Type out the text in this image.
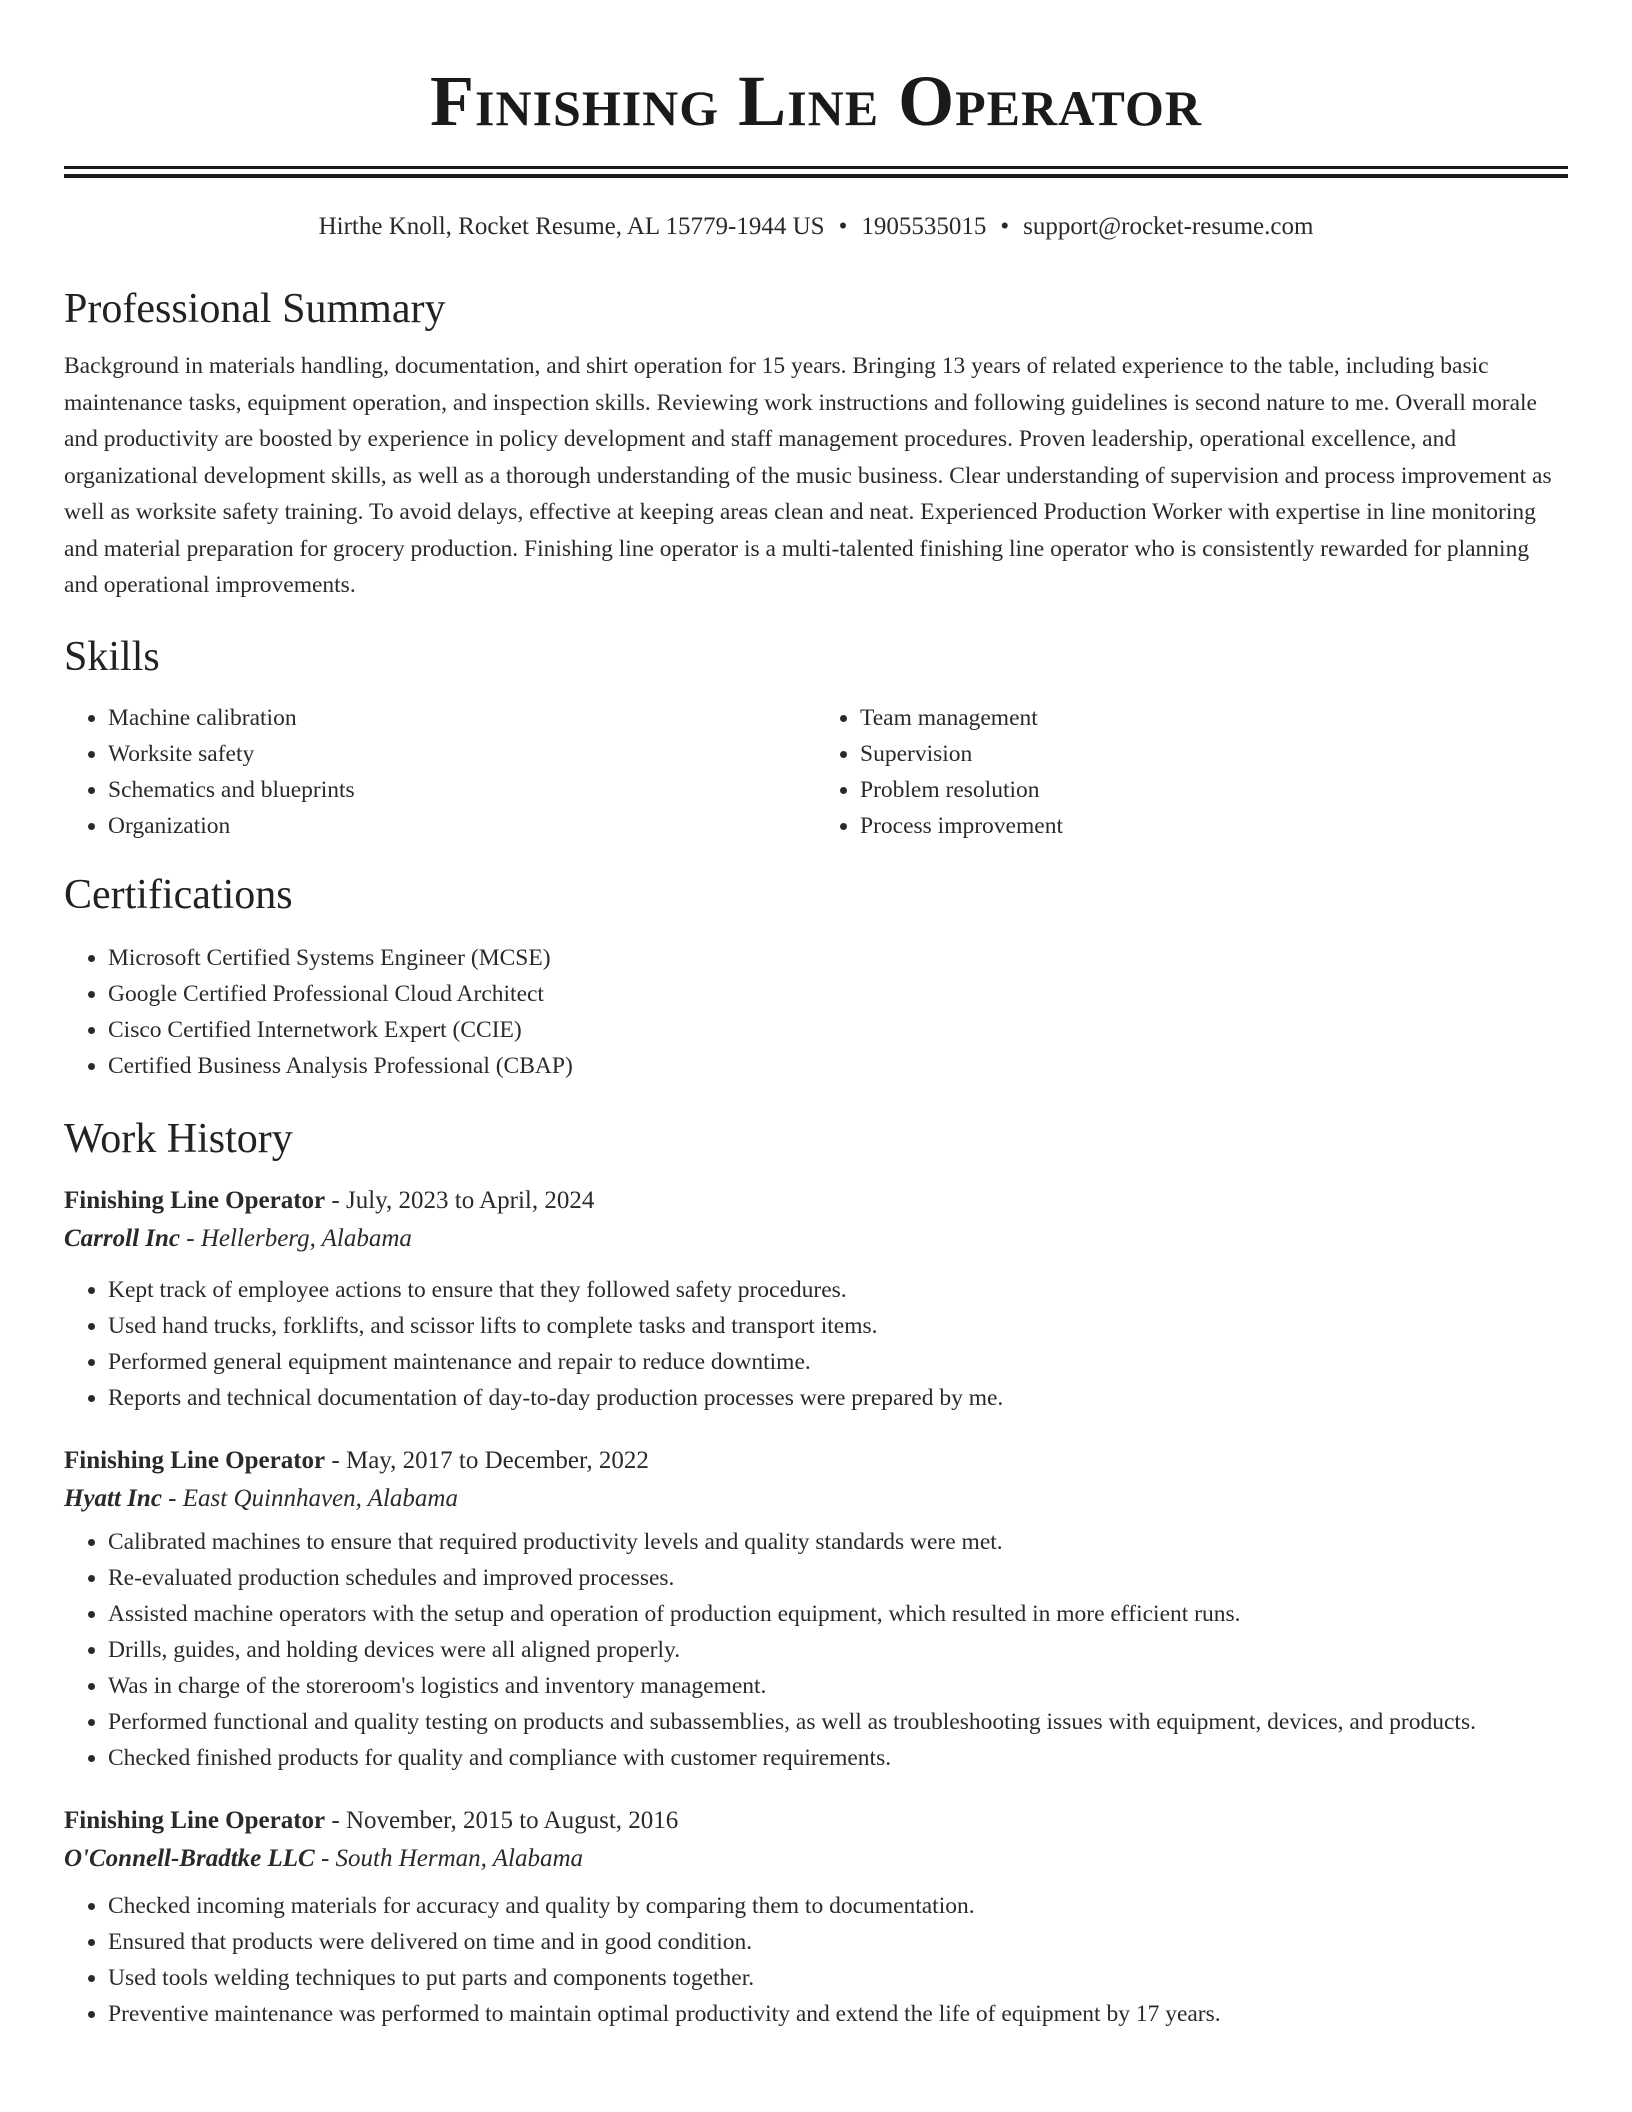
Finishing Line Operator
Hirthe Knoll, Rocket Resume, AL 15779-1944 US • 1905535015 • support@rocket-resume.com
Professional Summary

Background in materials handling, documentation, and shirt operation for 15 years. Bringing 13 years of related experience to the table, including basic maintenance tasks, equipment operation, and inspection skills. Reviewing work instructions and following guidelines is second nature to me. Overall morale and productivity are boosted by experience in policy development and staff management procedures. Proven leadership, operational excellence, and organizational development skills, as well as a thorough understanding of the music business. Clear understanding of supervision and process improvement as well as worksite safety training. To avoid delays, effective at keeping areas clean and neat. Experienced Production Worker with expertise in line monitoring and material preparation for grocery production. Finishing line operator is a multi-talented finishing line operator who is consistently rewarded for planning and operational improvements.

Skills
• Machine calibration
• Worksite safety
• Schematics and blueprints
• Organization
• Team management
• Supervision
• Problem resolution
• Process improvement
Certifications
• Microsoft Certified Systems Engineer (MCSE)
• Google Certified Professional Cloud Architect
• Cisco Certified Internetwork Expert (CCIE)
• Certified Business Analysis Professional (CBAP)
Work History
Finishing Line Operator - July, 2023 to April, 2024
Carroll Inc - Hellerberg, Alabama
• Kept track of employee actions to ensure that they followed safety procedures.
• Used hand trucks, forklifts, and scissor lifts to complete tasks and transport items.
• Performed general equipment maintenance and repair to reduce downtime.
• Reports and technical documentation of day-to-day production processes were prepared by me.
Finishing Line Operator - May, 2017 to December, 2022
Hyatt Inc - East Quinnhaven, Alabama
• Calibrated machines to ensure that required productivity levels and quality standards were met.
• Re-evaluated production schedules and improved processes.
• Assisted machine operators with the setup and operation of production equipment, which resulted in more efficient runs.
• Drills, guides, and holding devices were all aligned properly.
• Was in charge of the storeroom's logistics and inventory management.
• Performed functional and quality testing on products and subassemblies, as well as troubleshooting issues with equipment, devices, and products.
• Checked finished products for quality and compliance with customer requirements.
Finishing Line Operator - November, 2015 to August, 2016
O'Connell-Bradtke LLC - South Herman, Alabama
• Checked incoming materials for accuracy and quality by comparing them to documentation.
• Ensured that products were delivered on time and in good condition.
• Used tools welding techniques to put parts and components together.
• Preventive maintenance was performed to maintain optimal productivity and extend the life of equipment by 17 years.
